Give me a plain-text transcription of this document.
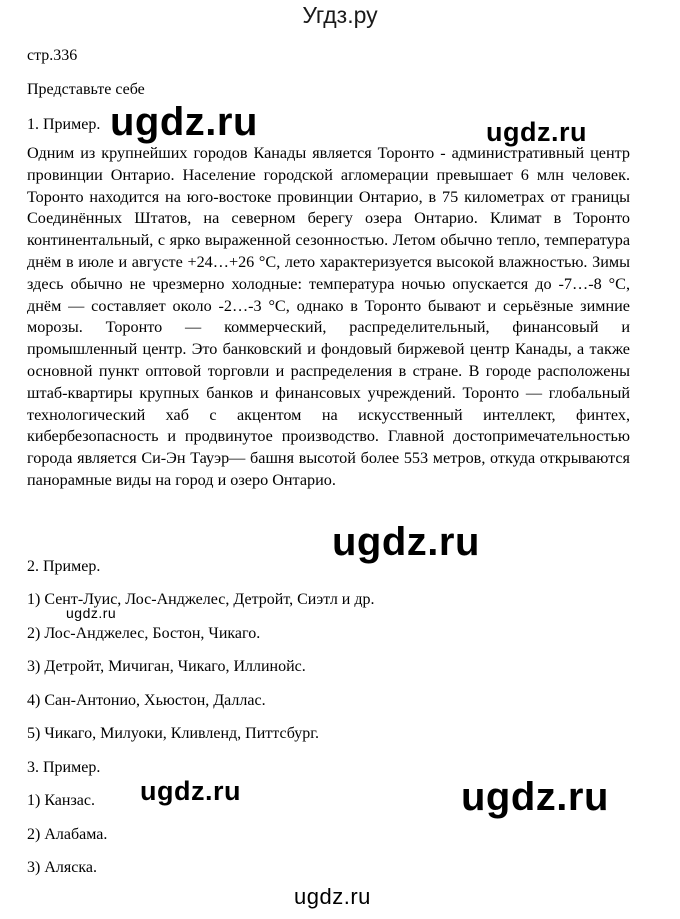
Угдз.ру
стр.336
Представьте себе
1. Пример.
Одним из крупнейших городов Канады является Торонто - административный центр провинции Онтарио. Население городской агломерации превышает 6 млн человек. Торонто находится на юго-востоке провинции Онтарио, в 75 километрах от границы Соединённых Штатов, на северном берегу озера Онтарио. Климат в Торонто континентальный, с ярко выраженной сезонностью. Летом обычно тепло, температура днём в июле и августе +24…+26 °C, лето характеризуется высокой влажностью. Зимы здесь обычно не чрезмерно холодные: температура ночью опускается до -7…-8 °C, днём — составляет около -2…-3 °C, однако в Торонто бывают и серьёзные зимние морозы. Торонто — коммерческий, распределительный, финансовый и промышленный центр. Это банковский и фондовый биржевой центр Канады, а также основной пункт оптовой торговли и распределения в стране. В городе расположены штаб-квартиры крупных банков и финансовых учреждений. Торонто — глобальный технологический хаб с акцентом на искусственный интеллект, финтех, кибербезопасность и продвинутое производство. Главной достопримечательностью города является Си-Эн Тауэр— башня высотой более 553 метров, откуда открываются панорамные виды на город и озеро Онтарио.
2. Пример.
1) Сент-Луис, Лос-Анджелес, Детройт, Сиэтл и др.
2) Лос-Анджелес, Бостон, Чикаго.
3) Детройт, Мичиган, Чикаго, Иллинойс.
4) Сан-Антонио, Хьюстон, Даллас.
5) Чикаго, Милуоки, Кливленд, Питтсбург.
3. Пример.
1) Канзас.
2) Алабама.
3) Аляска.
ugdz.ru	ugdz.ru
ugdz.ru
ugdz.ru
ugdz.ru	ugdz.ru
ugdz.ru
